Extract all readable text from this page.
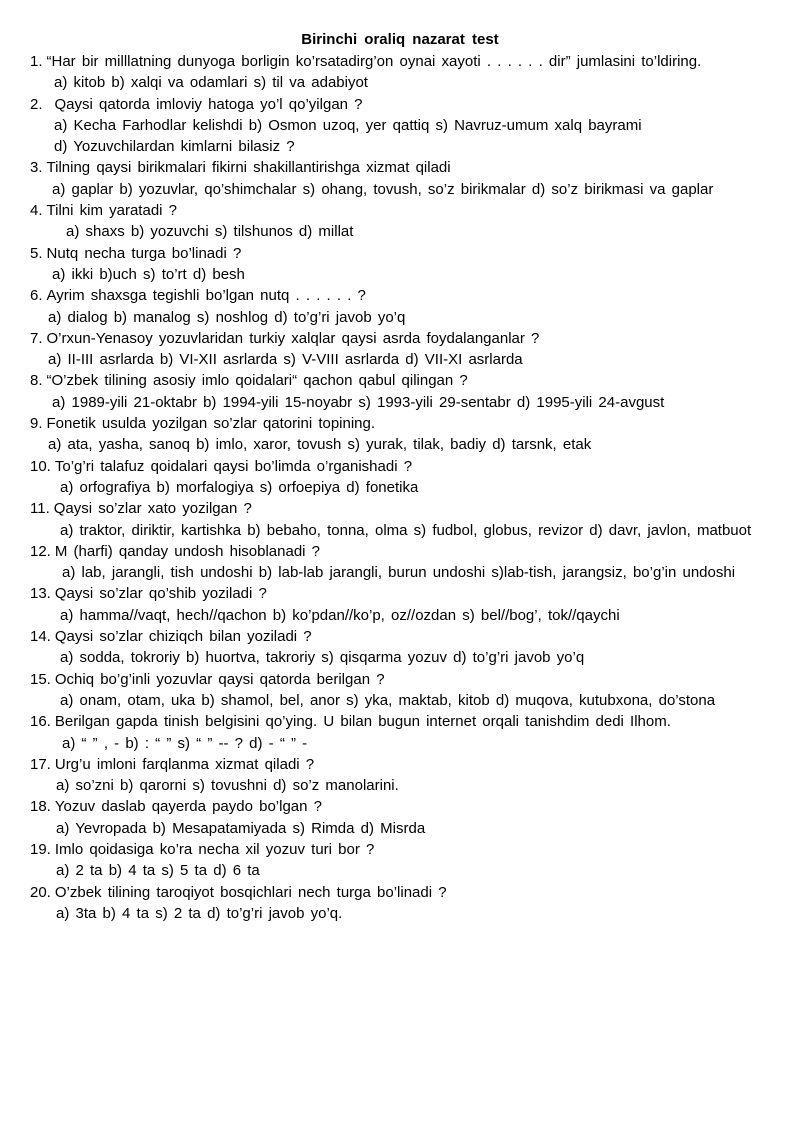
Birinchi oraliq nazarat test
1. “Har bir milllatning dunyoga borligin ko’rsatadirg’on oynai xayoti . . . . . . dir” jumlasini to’ldiring.
a) kitob b) xalqi va odamlari s) til va adabiyot
2. Qaysi qatorda imloviy hatoga yo’l qo’yilgan ?
a) Kecha Farhodlar kelishdi b) Osmon uzoq, yer qattiq s) Navruz-umum xalq bayrami
d) Yozuvchilardan kimlarni bilasiz ?
3. Tilning qaysi birikmalari fikirni shakillantirishga xizmat qiladi
a) gaplar b) yozuvlar, qo’shimchalar s) ohang, tovush, so’z birikmalar d) so’z birikmasi va gaplar
4. Tilni kim yaratadi ?
a) shaxs b) yozuvchi s) tilshunos d) millat
5. Nutq necha turga bo’linadi ?
a) ikki b)uch s) to’rt d) besh
6. Ayrim shaxsga tegishli bo’lgan nutq . . . . . . ?
a) dialog b) manalog s) noshlog d) to’g’ri javob yo’q
7. O’rxun-Yenasoy yozuvlaridan turkiy xalqlar qaysi asrda foydalanganlar ?
a) II-III asrlarda b) VI-XII asrlarda s) V-VIII asrlarda d) VII-XI asrlarda
8. “O’zbek tilining asosiy imlo qoidalari“ qachon qabul qilingan ?
a) 1989-yili 21-oktabr b) 1994-yili 15-noyabr s) 1993-yili 29-sentabr d) 1995-yili 24-avgust
9. Fonetik usulda yozilgan so’zlar qatorini topining.
a) ata, yasha, sanoq b) imlo, xaror, tovush s) yurak, tilak, badiy d) tarsnk, etak
10. To’g’ri talafuz qoidalari qaysi bo’limda o’rganishadi ?
a) orfografiya b) morfalogiya s) orfoepiya d) fonetika
11. Qaysi so’zlar xato yozilgan ?
a) traktor, diriktir, kartishka b) bebaho, tonna, olma s) fudbol, globus, revizor d) davr, javlon, matbuot
12. M (harfi) qanday undosh hisoblanadi ?
a) lab, jarangli, tish undoshi b) lab-lab jarangli, burun undoshi s)lab-tish, jarangsiz, bo’g’in undoshi
13. Qaysi so’zlar qo’shib yoziladi ?
a) hamma//vaqt, hech//qachon b) ko’pdan//ko’p, oz//ozdan s) bel//bog’, tok//qaychi
14. Qaysi so’zlar chiziqch bilan yoziladi ?
a) sodda, tokroriy b) huortva, takroriy s) qisqarma yozuv d) to’g’ri javob yo’q
15. Ochiq bo’g’inli yozuvlar qaysi qatorda berilgan ?
a) onam, otam, uka b) shamol, bel, anor s) yka, maktab, kitob d) muqova, kutubxona, do’stona
16. Berilgan gapda tinish belgisini qo’ying. U bilan bugun internet orqali tanishdim dedi Ilhom.
a) “ ” , - b) : “ ” s) “ ” -- ? d) - “ ” -
17. Urg’u imloni farqlanma xizmat qiladi ?
a) so’zni b) qarorni s) tovushni d) so’z manolarini.
18. Yozuv daslab qayerda paydo bo’lgan ?
a) Yevropada b) Mesapatamiyada s) Rimda d) Misrda
19. Imlo qoidasiga ko’ra necha xil yozuv turi bor ?
a) 2 ta b) 4 ta s) 5 ta d) 6 ta
20. O’zbek tilining taroqiyot bosqichlari nech turga bo’linadi ?
a) 3ta b) 4 ta s) 2 ta d) to’g’ri javob yo’q.
